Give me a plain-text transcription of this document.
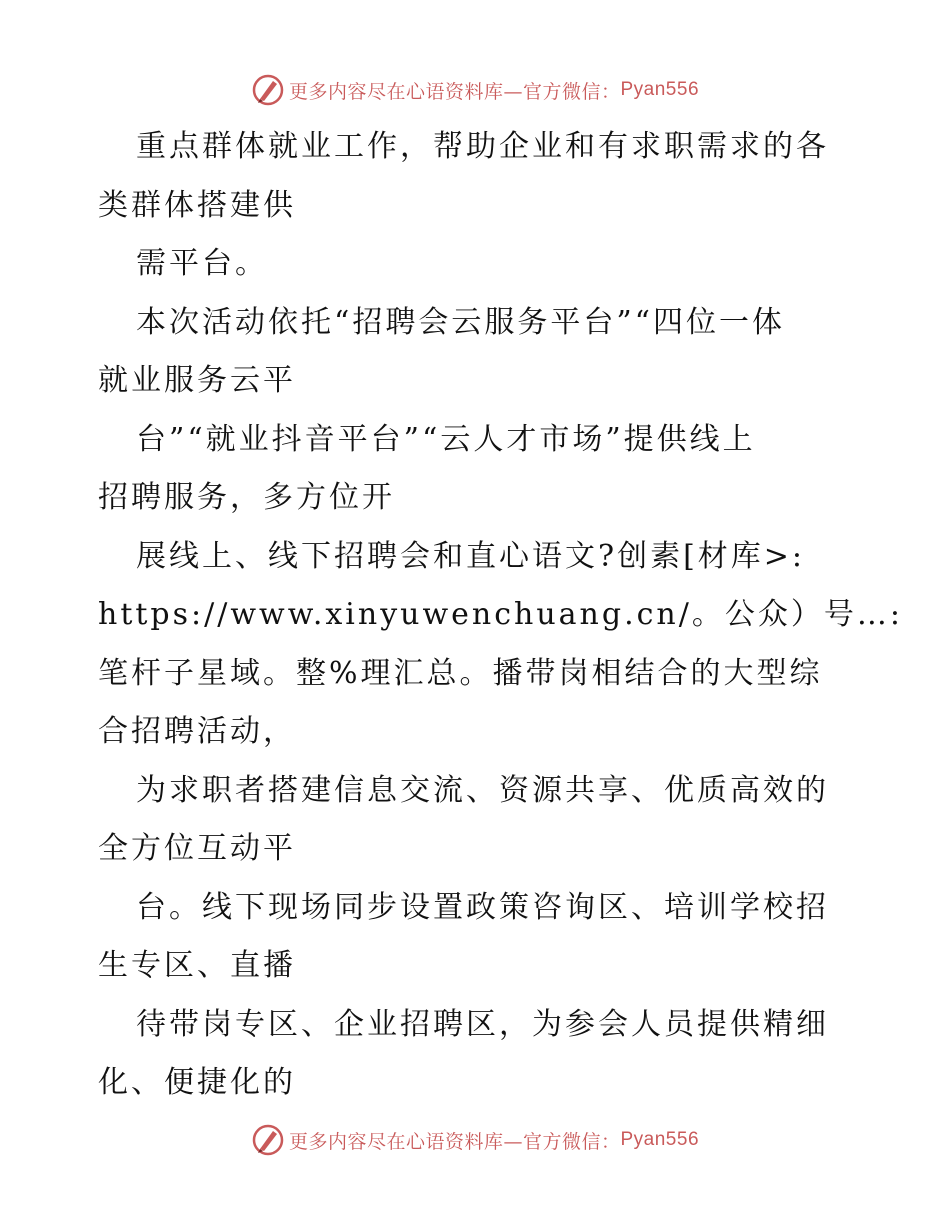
更多内容尽在心语资料库—官方微信： Pyan556
重点群体就业工作，帮助企业和有求职需求的各
类群体搭建供
需平台。
本次活动依托“招聘会云服务平台”“四位一体
就业服务云平
台”“就业抖音平台”“云人才市场”提供线上
招聘服务，多方位开
展线上、线下招聘会和直心语文?创素[材库>:
https://www.xinyuwenchuang.cn/。公众）号…:
笔杆子星域。整%理汇总。播带岗相结合的大型综
合招聘活动，
为求职者搭建信息交流、资源共享、优质高效的
全方位互动平
台。线下现场同步设置政策咨询区、培训学校招
生专区、直播
待带岗专区、企业招聘区，为参会人员提供精细
化、便捷化的
更多内容尽在心语资料库—官方微信： Pyan556
